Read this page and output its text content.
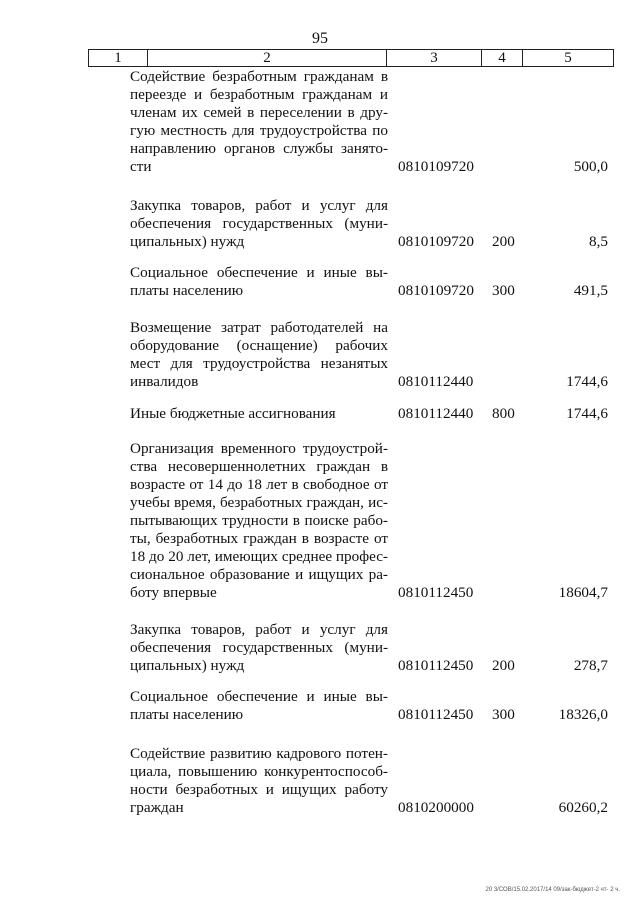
95
1	2	3	4	5
Содействие безработным гражданам в
переезде и безработным гражданам и
членам их семей в переселении в дру-
гую местность для трудоустройства по
направлению органов службы занято-
сти	0810109720	500,0
Закупка товаров, работ и услуг для
обеспечения государственных (муни-
ципальных) нужд	0810109720 200	8,5
Социальное обеспечение и иные вы-
платы населению	0810109720 300	491,5
Возмещение затрат работодателей на
оборудование (оснащение) рабочих
мест для трудоустройства незанятых
инвалидов	0810112440	1744,6
Иные бюджетные ассигнования	0810112440 800	1744,6
Организация временного трудоустрой-
ства несовершеннолетних граждан в
возрасте от 14 до 18 лет в свободное от
учебы время, безработных граждан, ис-
пытывающих трудности в поиске рабо-
ты, безработных граждан в возрасте от
18 до 20 лет, имеющих среднее профес-
сиональное образование и ищущих ра-
боту впервые	0810112450	18604,7
Закупка товаров, работ и услуг для
обеспечения государственных (муни-
ципальных) нужд	0810112450 200	278,7
Социальное обеспечение и иные вы-
платы населению	0810112450 300	18326,0
Содействие развитию кадрового потен-
циала, повышению конкурентоспособ-
ности безработных и ищущих работу
граждан	0810200000	60260,2
20 3/СОВ/15.02.2017/14 09/зак-бюджет-2 чт- 2 ч.
